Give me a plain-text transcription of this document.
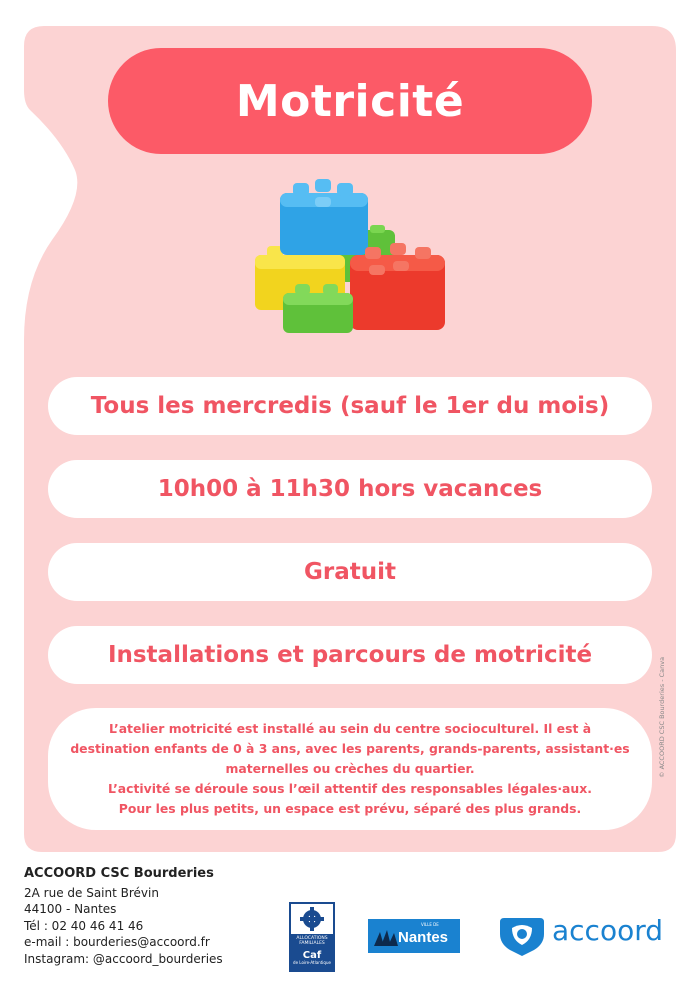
Motricité
Tous les mercredis (sauf le 1er du mois)
10h00 à 11h30 hors vacances
Gratuit
Installations et parcours de motricité
L’atelier motricité est installé au sein du centre socioculturel. Il est à
destination enfants de 0 à 3 ans, avec les parents, grands-parents, assistant·es
maternelles ou crèches du quartier.
L’activité se déroule sous l’œil attentif des responsables légales·aux.
Pour les plus petits, un espace est prévu, séparé des plus grands.
© ACCOORD CSC Bourderies - Canva
ACCOORD CSC Bourderies
2A rue de Saint Brévin
44100 - Nantes
Tél : 02 40 46 41 46
e-mail : bourderies@accoord.fr
Instagram: @accoord_bourderies
ALLOCATIONS
FAMILIALES
Caf
de Loire-Atlantique
VILLE DE
Nantes	accoord
